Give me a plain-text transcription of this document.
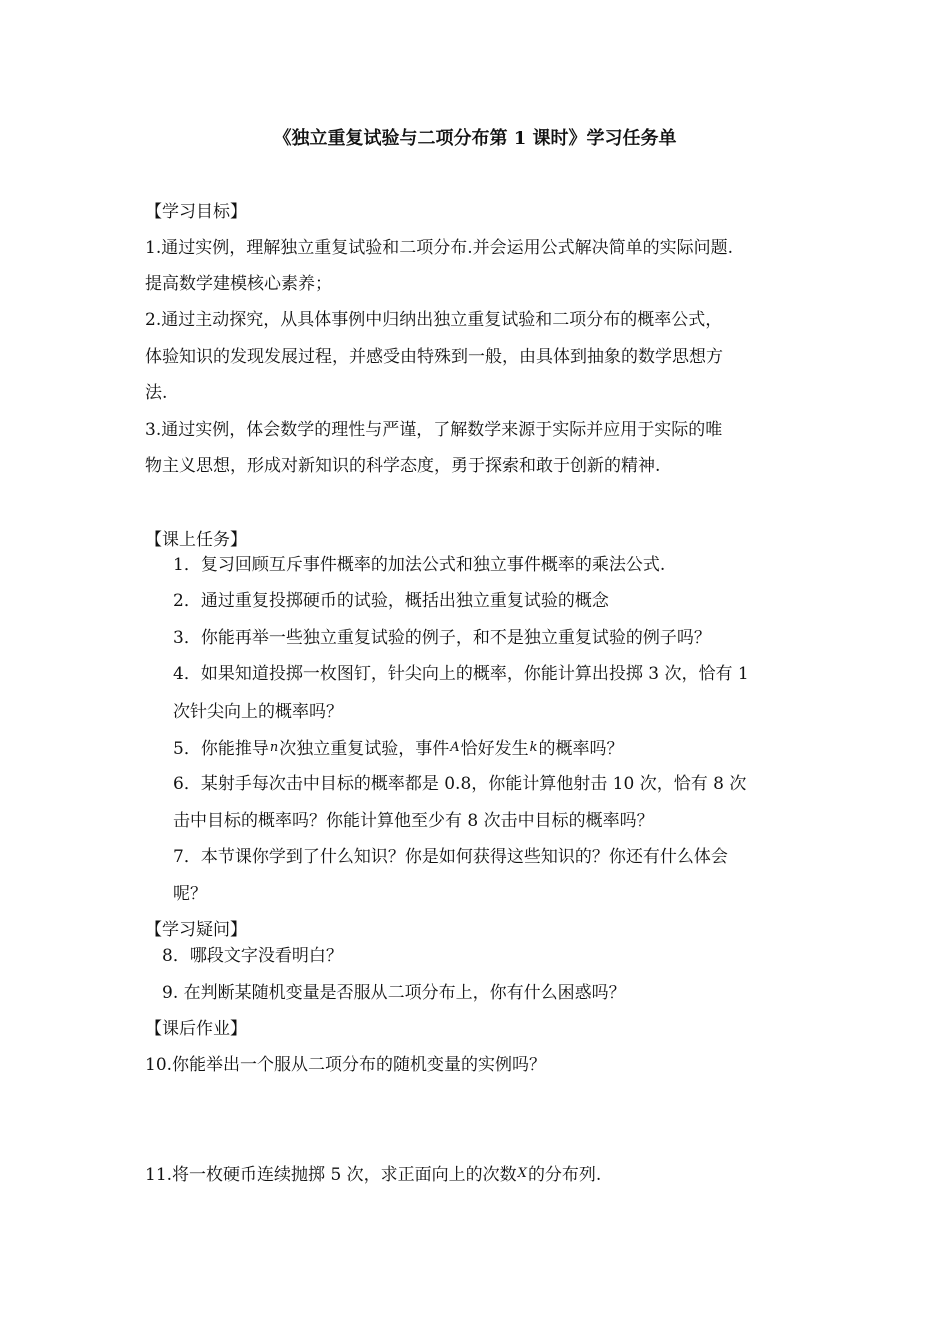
《独立重复试验与二项分布第 1 课时》学习任务单
【学习目标】
1.通过实例，理解独立重复试验和二项分布.并会运用公式解决简单的实际问题.
提高数学建模核心素养；
2.通过主动探究，从具体事例中归纳出独立重复试验和二项分布的概率公式，
体验知识的发现发展过程，并感受由特殊到一般，由具体到抽象的数学思想方
法.
3.通过实例，体会数学的理性与严谨，了解数学来源于实际并应用于实际的唯
物主义思想，形成对新知识的科学态度，勇于探索和敢于创新的精神.
【课上任务】
1．复习回顾互斥事件概率的加法公式和独立事件概率的乘法公式.
2．通过重复投掷硬币的试验，概括出独立重复试验的概念
3．你能再举一些独立重复试验的例子，和不是独立重复试验的例子吗？
4．如果知道投掷一枚图钉，针尖向上的概率，你能计算出投掷 3 次，恰有 1
次针尖向上的概率吗？
5．你能推导n次独立重复试验，事件A恰好发生k的概率吗？
6．某射手每次击中目标的概率都是 0.8，你能计算他射击 10 次，恰有 8 次
击中目标的概率吗？你能计算他至少有 8 次击中目标的概率吗？
7．本节课你学到了什么知识？你是如何获得这些知识的？你还有什么体会
呢？
【学习疑问】
8．哪段文字没看明白？
9. 在判断某随机变量是否服从二项分布上，你有什么困惑吗？
【课后作业】
10.你能举出一个服从二项分布的随机变量的实例吗？
11.将一枚硬币连续抛掷 5 次，求正面向上的次数X的分布列.
